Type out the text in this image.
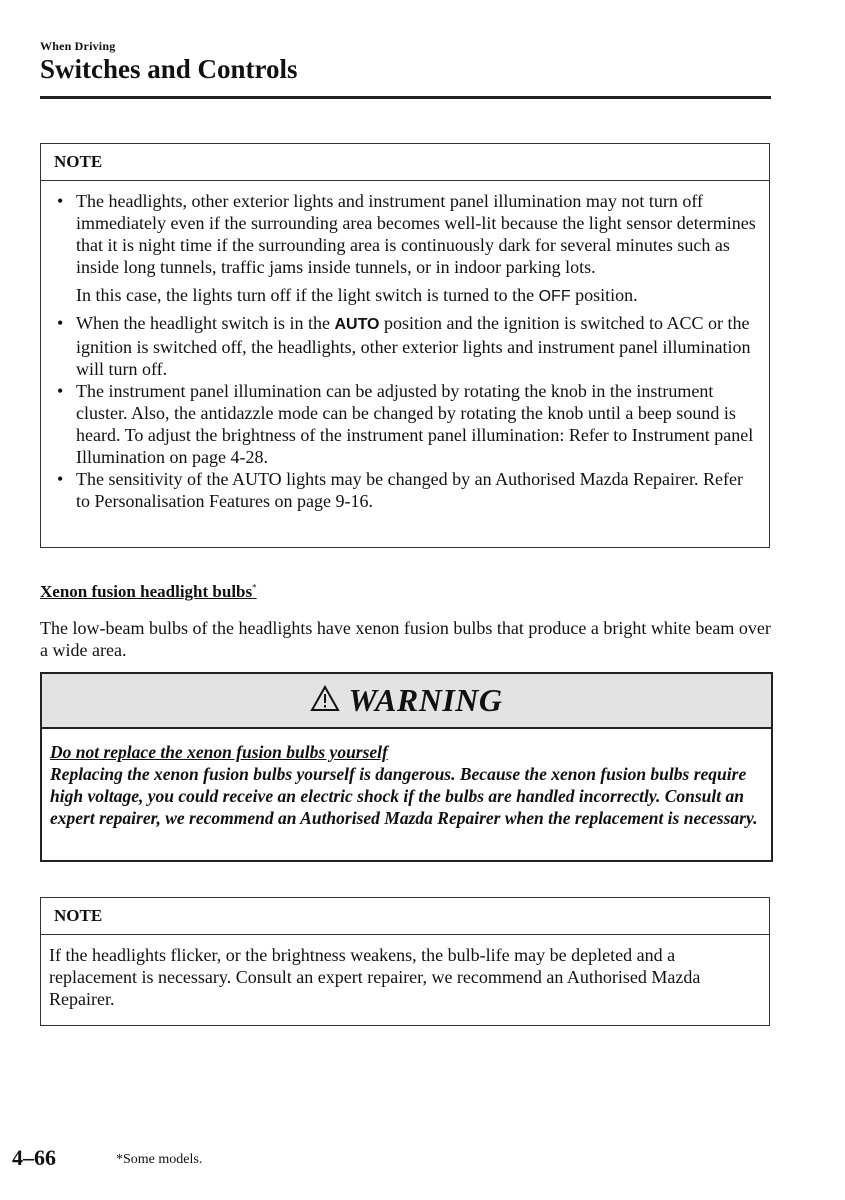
When Driving
Switches and Controls
NOTE
• The headlights, other exterior lights and instrument panel illumination may not turn off immediately even if the surrounding area becomes well-lit because the light sensor determines that it is night time if the surrounding area is continuously dark for several minutes such as inside long tunnels, traffic jams inside tunnels, or in indoor parking lots.
In this case, the lights turn off if the light switch is turned to the OFF position.
• When the headlight switch is in the AUTO position and the ignition is switched to ACC or the ignition is switched off, the headlights, other exterior lights and instrument panel illumination will turn off.
• The instrument panel illumination can be adjusted by rotating the knob in the instrument cluster. Also, the antidazzle mode can be changed by rotating the knob until a beep sound is heard. To adjust the brightness of the instrument panel illumination: Refer to Instrument panel Illumination on page 4-28.
• The sensitivity of the AUTO lights may be changed by an Authorised Mazda Repairer. Refer to Personalisation Features on page 9-16.
Xenon fusion headlight bulbs*

The low-beam bulbs of the headlights have xenon fusion bulbs that produce a bright white beam over a wide area.

WARNING
Do not replace the xenon fusion bulbs yourself
Replacing the xenon fusion bulbs yourself is dangerous. Because the xenon fusion bulbs require high voltage, you could receive an electric shock if the bulbs are handled incorrectly. Consult an expert repairer, we recommend an Authorised Mazda Repairer when the replacement is necessary.
NOTE
If the headlights flicker, or the brightness weakens, the bulb-life may be depleted and a replacement is necessary. Consult an expert repairer, we recommend an Authorised Mazda Repairer.
4–66	*Some models.
